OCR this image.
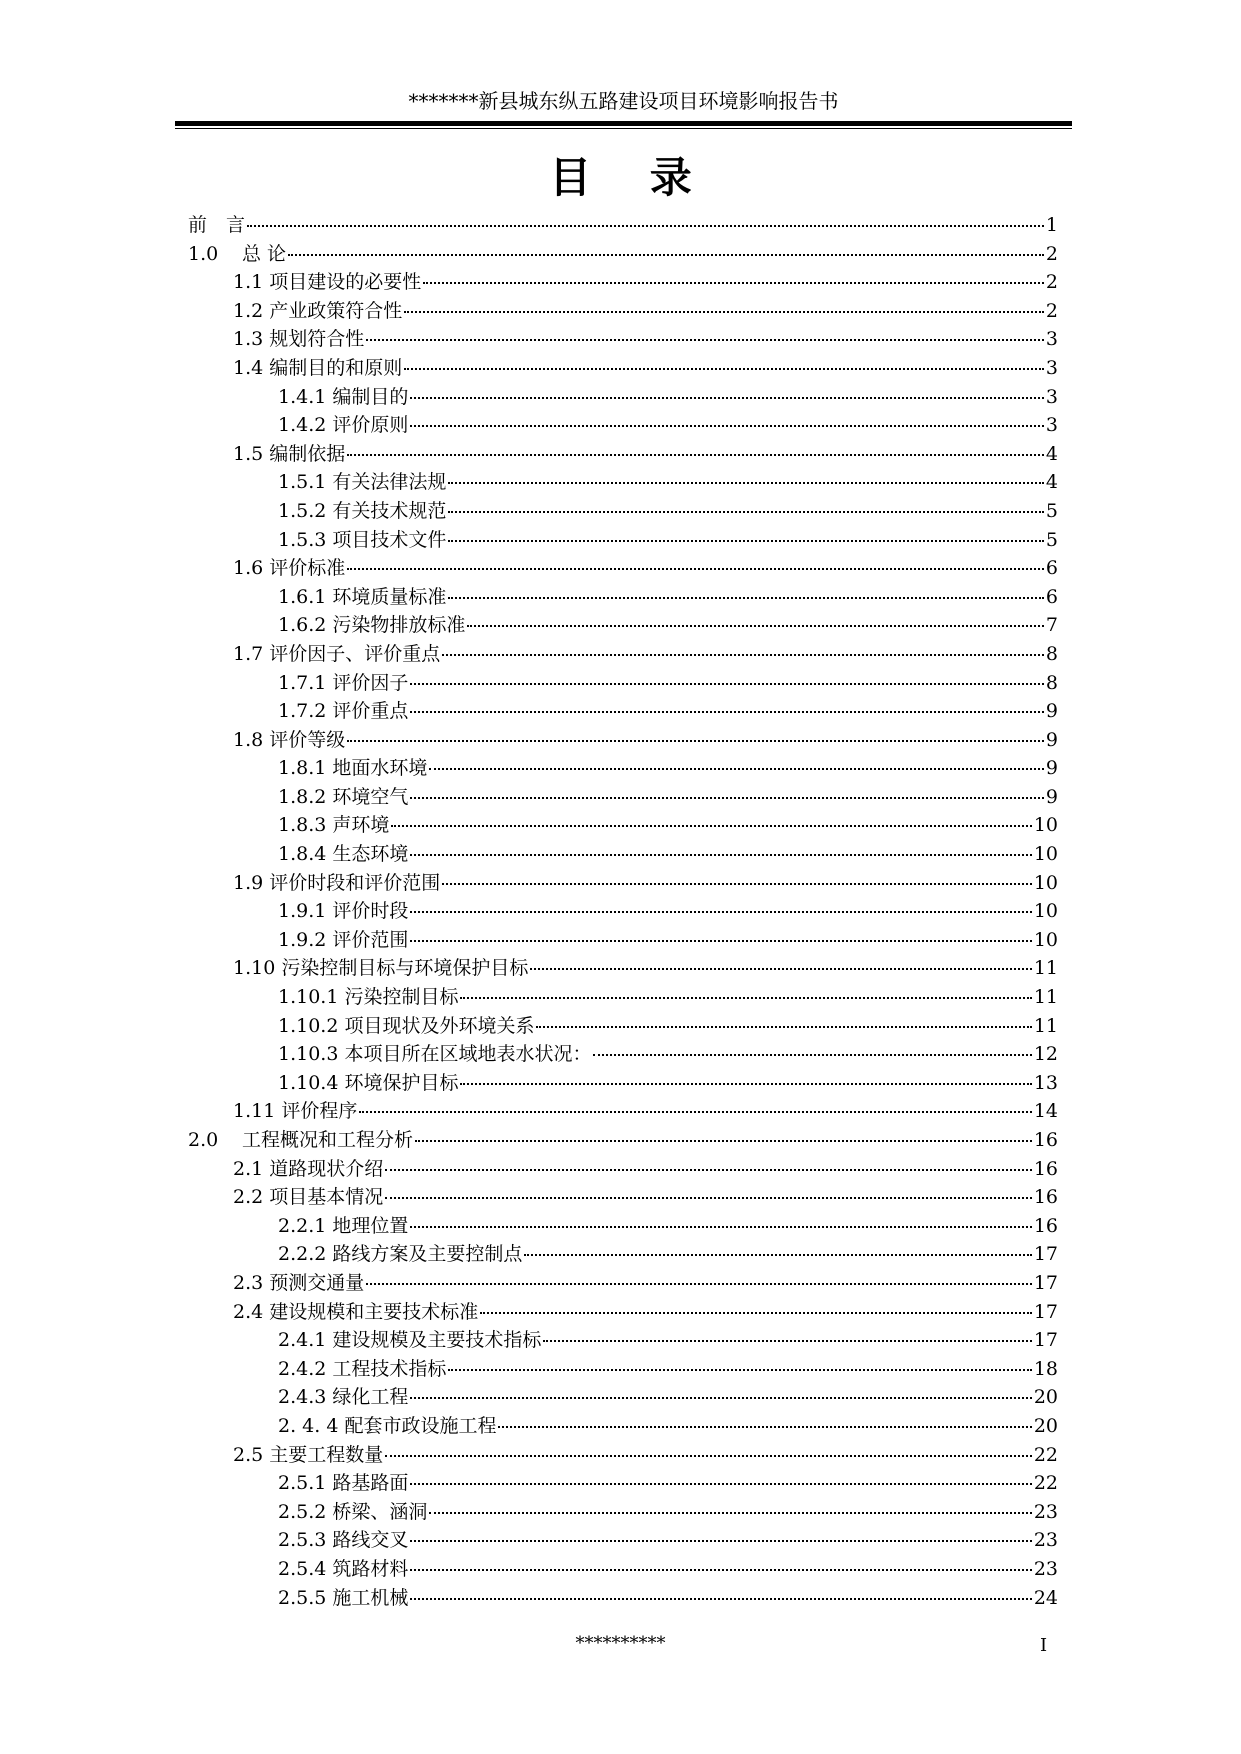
*******新县城东纵五路建设项目环境影响报告书
目 录
前　言	1
1.0	总 论	2
1.1 项目建设的必要性	2
1.2 产业政策符合性	2
1.3 规划符合性	3
1.4 编制目的和原则	3
1.4.1 编制目的	3
1.4.2 评价原则	3
1.5 编制依据	4
1.5.1 有关法律法规	4
1.5.2 有关技术规范	5
1.5.3 项目技术文件	5
1.6 评价标准	6
1.6.1 环境质量标准	6
1.6.2 污染物排放标准	7
1.7 评价因子、评价重点	8
1.7.1 评价因子	8
1.7.2 评价重点	9
1.8 评价等级	9
1.8.1 地面水环境	9
1.8.2 环境空气	9
1.8.3 声环境	10
1.8.4 生态环境	10
1.9 评价时段和评价范围	10
1.9.1 评价时段	10
1.9.2 评价范围	10
1.10 污染控制目标与环境保护目标	11
1.10.1 污染控制目标	11
1.10.2 项目现状及外环境关系	11
1.10.3 本项目所在区域地表水状况：	12
1.10.4 环境保护目标	13
1.11 评价程序	14
2.0	工程概况和工程分析	16
2.1 道路现状介绍	16
2.2 项目基本情况	16
2.2.1 地理位置	16
2.2.2 路线方案及主要控制点	17
2.3 预测交通量	17
2.4 建设规模和主要技术标准	17
2.4.1 建设规模及主要技术指标	17
2.4.2 工程技术指标	18
2.4.3 绿化工程	20
2. 4. 4 配套市政设施工程	20
2.5 主要工程数量	22
2.5.1 路基路面	22
2.5.2 桥梁、涵洞	23
2.5.3 路线交叉	23
2.5.4 筑路材料	23
2.5.5 施工机械	24
**********	I
